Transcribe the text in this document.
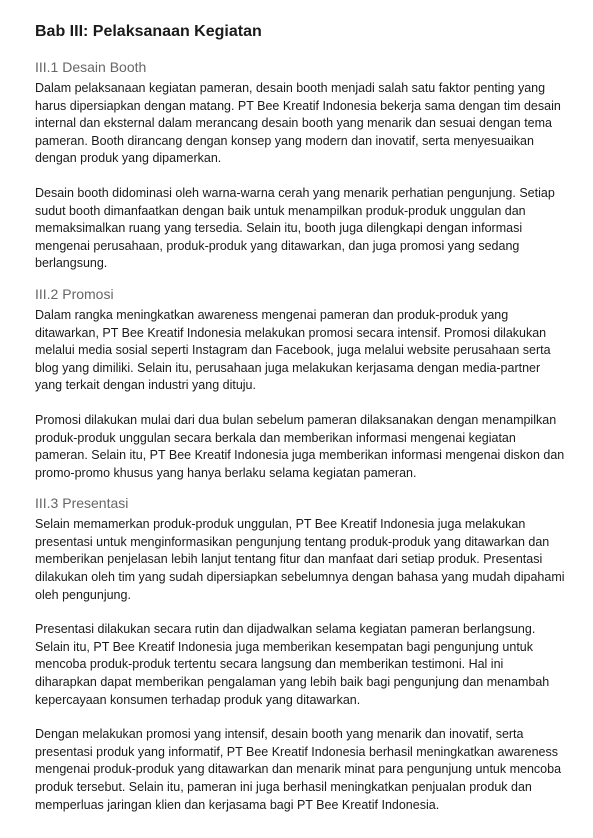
Bab III: Pelaksanaan Kegiatan
III.1 Desain Booth

Dalam pelaksanaan kegiatan pameran, desain booth menjadi salah satu faktor penting yang harus dipersiapkan dengan matang. PT Bee Kreatif Indonesia bekerja sama dengan tim desain internal dan eksternal dalam merancang desain booth yang menarik dan sesuai dengan tema pameran. Booth dirancang dengan konsep yang modern dan inovatif, serta menyesuaikan dengan produk yang dipamerkan.

Desain booth didominasi oleh warna-warna cerah yang menarik perhatian pengunjung. Setiap sudut booth dimanfaatkan dengan baik untuk menampilkan produk-produk unggulan dan memaksimalkan ruang yang tersedia. Selain itu, booth juga dilengkapi dengan informasi mengenai perusahaan, produk-produk yang ditawarkan, dan juga promosi yang sedang berlangsung.

III.2 Promosi

Dalam rangka meningkatkan awareness mengenai pameran dan produk-produk yang ditawarkan, PT Bee Kreatif Indonesia melakukan promosi secara intensif. Promosi dilakukan melalui media sosial seperti Instagram dan Facebook, juga melalui website perusahaan serta blog yang dimiliki. Selain itu, perusahaan juga melakukan kerjasama dengan media-partner yang terkait dengan industri yang dituju.

Promosi dilakukan mulai dari dua bulan sebelum pameran dilaksanakan dengan menampilkan produk-produk unggulan secara berkala dan memberikan informasi mengenai kegiatan pameran. Selain itu, PT Bee Kreatif Indonesia juga memberikan informasi mengenai diskon dan promo-promo khusus yang hanya berlaku selama kegiatan pameran.

III.3 Presentasi

Selain memamerkan produk-produk unggulan, PT Bee Kreatif Indonesia juga melakukan presentasi untuk menginformasikan pengunjung tentang produk-produk yang ditawarkan dan memberikan penjelasan lebih lanjut tentang fitur dan manfaat dari setiap produk. Presentasi dilakukan oleh tim yang sudah dipersiapkan sebelumnya dengan bahasa yang mudah dipahami oleh pengunjung.

Presentasi dilakukan secara rutin dan dijadwalkan selama kegiatan pameran berlangsung. Selain itu, PT Bee Kreatif Indonesia juga memberikan kesempatan bagi pengunjung untuk mencoba produk-produk tertentu secara langsung dan memberikan testimoni. Hal ini diharapkan dapat memberikan pengalaman yang lebih baik bagi pengunjung dan menambah kepercayaan konsumen terhadap produk yang ditawarkan.

Dengan melakukan promosi yang intensif, desain booth yang menarik dan inovatif, serta presentasi produk yang informatif, PT Bee Kreatif Indonesia berhasil meningkatkan awareness mengenai produk-produk yang ditawarkan dan menarik minat para pengunjung untuk mencoba produk tersebut. Selain itu, pameran ini juga berhasil meningkatkan penjualan produk dan memperluas jaringan klien dan kerjasama bagi PT Bee Kreatif Indonesia.
